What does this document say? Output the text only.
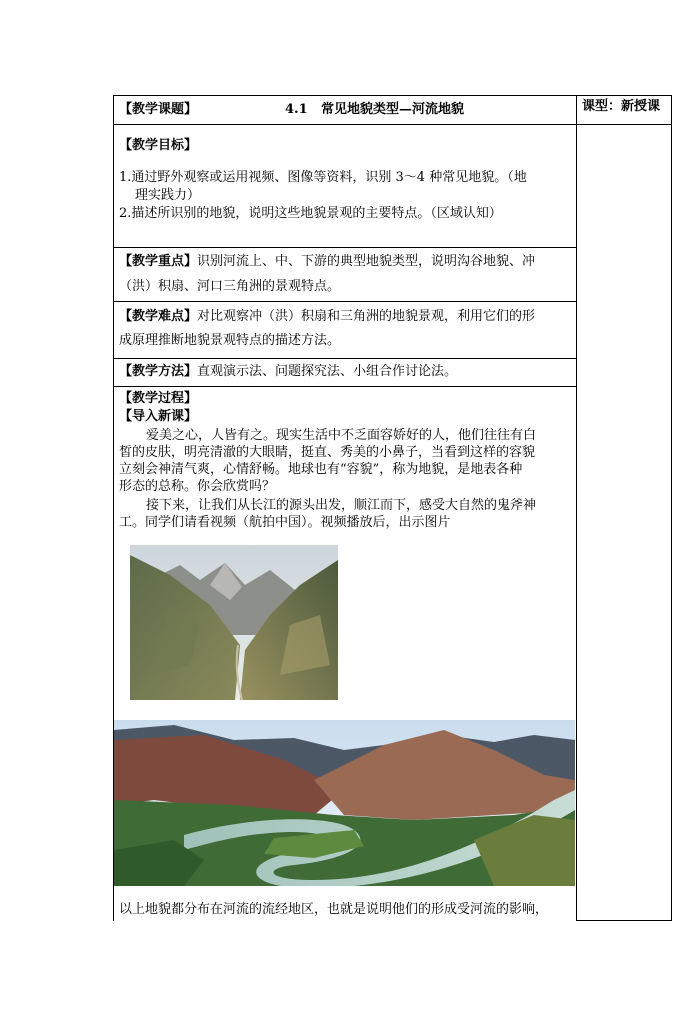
【教学课题】	4.1 常见地貌类型—河流地貌	课型：新授课
【教学目标】
1.通过野外观察或运用视频、图像等资料，识别 3～4 种常见地貌。（地
理实践力）
2.描述所识别的地貌，说明这些地貌景观的主要特点。（区域认知）
【教学重点】识别河流上、中、下游的典型地貌类型，说明沟谷地貌、冲
（洪）积扇、河口三角洲的景观特点。
【教学难点】对比观察冲（洪）积扇和三角洲的地貌景观，利用它们的形
成原理推断地貌景观特点的描述方法。
【教学方法】直观演示法、问题探究法、小组合作讨论法。
【教学过程】
【导入新课】
爱美之心，人皆有之。现实生活中不乏面容娇好的人，他们往往有白
皙的皮肤，明亮清澈的大眼睛，挺直、秀美的小鼻子，当看到这样的容貌
立刻会神清气爽，心情舒畅。地球也有“容貌”，称为地貌，是地表各种
形态的总称。你会欣赏吗？
接下来，让我们从长江的源头出发，顺江而下，感受大自然的鬼斧神
工。同学们请看视频（航拍中国）。视频播放后，出示图片
以上地貌都分布在河流的流经地区，也就是说明他们的形成受河流的影响，
